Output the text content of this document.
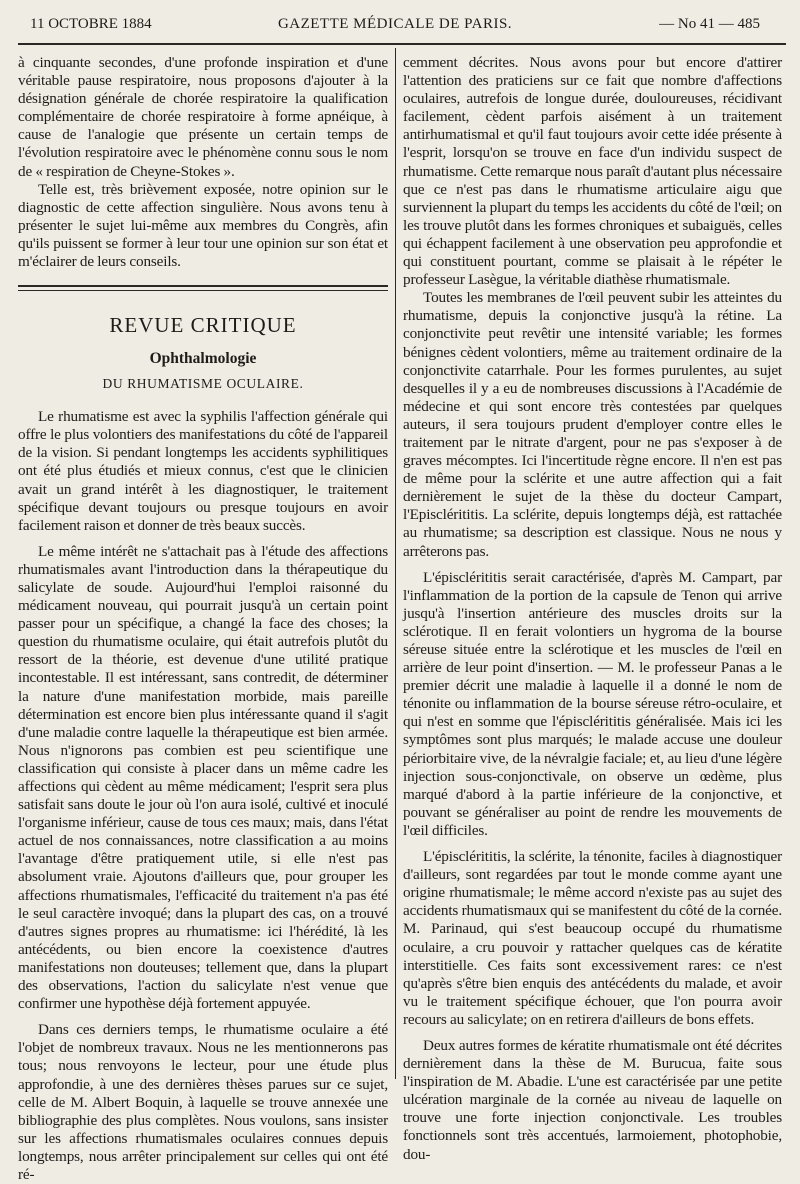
11 OCTOBRE 1884	GAZETTE MÉDICALE DE PARIS.	— No 41 — 485

à cinquante secondes, d'une profonde inspiration et d'une véritable pause respiratoire, nous proposons d'ajouter à la désignation générale de chorée respiratoire la qualification complémentaire de chorée respiratoire à forme apnéique, à cause de l'analogie que présente un certain temps de l'évolution respiratoire avec le phénomène connu sous le nom de « respiration de Cheyne-Stokes ».

Telle est, très brièvement exposée, notre opinion sur le diagnostic de cette affection singulière. Nous avons tenu à présenter le sujet lui-même aux membres du Congrès, afin qu'ils puissent se former à leur tour une opinion sur son état et m'éclairer de leurs conseils.

REVUE CRITIQUE
Ophthalmologie
DU RHUMATISME OCULAIRE.

Le rhumatisme est avec la syphilis l'affection générale qui offre le plus volontiers des manifestations du côté de l'appareil de la vision. Si pendant longtemps les accidents syphilitiques ont été plus étudiés et mieux connus, c'est que le clinicien avait un grand intérêt à les diagnostiquer, le traitement spécifique devant toujours ou presque toujours en avoir facilement raison et donner de très beaux succès.

Le même intérêt ne s'attachait pas à l'étude des affections rhumatismales avant l'introduction dans la thérapeutique du salicylate de soude. Aujourd'hui l'emploi raisonné du médicament nouveau, qui pourrait jusqu'à un certain point passer pour un spécifique, a changé la face des choses; la question du rhumatisme oculaire, qui était autrefois plutôt du ressort de la théorie, est devenue d'une utilité pratique incontestable. Il est intéressant, sans contredit, de déterminer la nature d'une manifestation morbide, mais pareille détermination est encore bien plus intéressante quand il s'agit d'une maladie contre laquelle la thérapeutique est bien armée. Nous n'ignorons pas combien est peu scientifique une classification qui consiste à placer dans un même cadre les affections qui cèdent au même médicament; l'esprit sera plus satisfait sans doute le jour où l'on aura isolé, cultivé et inoculé l'organisme inférieur, cause de tous ces maux; mais, dans l'état actuel de nos connaissances, notre classification a au moins l'avantage d'être pratiquement utile, si elle n'est pas absolument vraie. Ajoutons d'ailleurs que, pour grouper les affections rhumatismales, l'efficacité du traitement n'a pas été le seul caractère invoqué; dans la plupart des cas, on a trouvé d'autres signes propres au rhumatisme: ici l'hérédité, là les antécédents, ou bien encore la coexistence d'autres manifestations non douteuses; tellement que, dans la plupart des observations, l'action du salicylate n'est venue que confirmer une hypothèse déjà fortement appuyée.

Dans ces derniers temps, le rhumatisme oculaire a été l'objet de nombreux travaux. Nous ne les mentionnerons pas tous; nous renvoyons le lecteur, pour une étude plus approfondie, à une des dernières thèses parues sur ce sujet, celle de M. Albert Boquin, à laquelle se trouve annexée une bibliographie des plus complètes. Nous voulons, sans insister sur les affections rhumatismales oculaires connues depuis longtemps, nous arrêter principalement sur celles qui ont été ré-

cemment décrites. Nous avons pour but encore d'attirer l'attention des praticiens sur ce fait que nombre d'affections oculaires, autrefois de longue durée, douloureuses, récidivant facilement, cèdent parfois aisément à un traitement antirhumatismal et qu'il faut toujours avoir cette idée présente à l'esprit, lorsqu'on se trouve en face d'un individu suspect de rhumatisme. Cette remarque nous paraît d'autant plus nécessaire que ce n'est pas dans le rhumatisme articulaire aigu que surviennent la plupart du temps les accidents du côté de l'œil; on les trouve plutôt dans les formes chroniques et subaiguës, celles qui échappent facilement à une observation peu approfondie et qui constituent pourtant, comme se plaisait à le répéter le professeur Lasègue, la véritable diathèse rhumatismale.

Toutes les membranes de l'œil peuvent subir les atteintes du rhumatisme, depuis la conjonctive jusqu'à la rétine. La conjonctivite peut revêtir une intensité variable; les formes bénignes cèdent volontiers, même au traitement ordinaire de la conjonctivite catarrhale. Pour les formes purulentes, au sujet desquelles il y a eu de nombreuses discussions à l'Académie de médecine et qui sont encore très contestées par quelques auteurs, il sera toujours prudent d'employer contre elles le traitement par le nitrate d'argent, pour ne pas s'exposer à de graves mécomptes. Ici l'incertitude règne encore. Il n'en est pas de même pour la sclérite et une autre affection qui a fait dernièrement le sujet de la thèse du docteur Campart, l'Episclérititis. La sclérite, depuis longtemps déjà, est rattachée au rhumatisme; sa description est classique. Nous ne nous y arrêterons pas.

L'épisclérititis serait caractérisée, d'après M. Campart, par l'inflammation de la portion de la capsule de Tenon qui arrive jusqu'à l'insertion antérieure des muscles droits sur la sclérotique. Il en ferait volontiers un hygroma de la bourse séreuse située entre la sclérotique et les muscles de l'œil en arrière de leur point d'insertion. — M. le professeur Panas a le premier décrit une maladie à laquelle il a donné le nom de ténonite ou inflammation de la bourse séreuse rétro-oculaire, et qui n'est en somme que l'épisclérititis généralisée. Mais ici les symptômes sont plus marqués; le malade accuse une douleur périorbitaire vive, de la névralgie faciale; et, au lieu d'une légère injection sous-conjonctivale, on observe un œdème, plus marqué d'abord à la partie inférieure de la conjonctive, et pouvant se généraliser au point de rendre les mouvements de l'œil difficiles.

L'épisclérititis, la sclérite, la ténonite, faciles à diagnostiquer d'ailleurs, sont regardées par tout le monde comme ayant une origine rhumatismale; le même accord n'existe pas au sujet des accidents rhumatismaux qui se manifestent du côté de la cornée. M. Parinaud, qui s'est beaucoup occupé du rhumatisme oculaire, a cru pouvoir y rattacher quelques cas de kératite interstitielle. Ces faits sont excessivement rares: ce n'est qu'après s'être bien enquis des antécédents du malade, et avoir vu le traitement spécifique échouer, que l'on pourra avoir recours au salicylate; on en retirera d'ailleurs de bons effets.

Deux autres formes de kératite rhumatismale ont été décrites dernièrement dans la thèse de M. Burucua, faite sous l'inspiration de M. Abadie. L'une est caractérisée par une petite ulcération marginale de la cornée au niveau de laquelle on trouve une forte injection conjonctivale. Les troubles fonctionnels sont très accentués, larmoiement, photophobie, dou-
